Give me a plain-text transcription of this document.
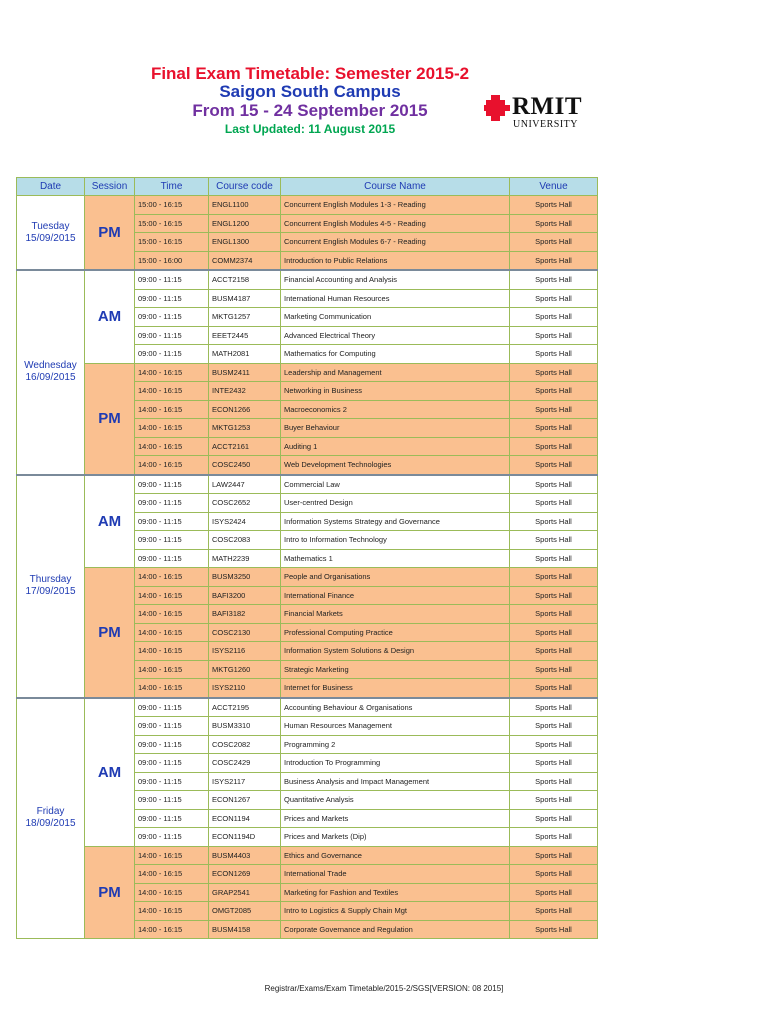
Final Exam Timetable: Semester 2015-2
Saigon South Campus
From 15 - 24 September 2015
Last Updated: 11 August 2015
RMIT
UNIVERSITY
Date	Session	Time	Course code	Course Name	Venue

Tuesday
15/09/2015	PM	15:00 - 16:15	ENGL1100	Concurrent English Modules 1-3 - Reading	Sports Hall
		15:00 - 16:15	ENGL1200	Concurrent English Modules 4-5 - Reading	Sports Hall
		15:00 - 16:15	ENGL1300	Concurrent English Modules 6-7 - Reading	Sports Hall
		15:00 - 16:00	COMM2374	Introduction to Public Relations	Sports Hall

Wednesday
16/09/2015	AM	09:00 - 11:15	ACCT2158	Financial Accounting and Analysis	Sports Hall
		09:00 - 11:15	BUSM4187	International Human Resources	Sports Hall
		09:00 - 11:15	MKTG1257	Marketing Communication	Sports Hall
		09:00 - 11:15	EEET2445	Advanced Electrical Theory	Sports Hall
		09:00 - 11:15	MATH2081	Mathematics for Computing	Sports Hall
	PM	14:00 - 16:15	BUSM2411	Leadership and Management	Sports Hall
		14:00 - 16:15	INTE2432	Networking in Business	Sports Hall
		14:00 - 16:15	ECON1266	Macroeconomics 2	Sports Hall
		14:00 - 16:15	MKTG1253	Buyer Behaviour	Sports Hall
		14:00 - 16:15	ACCT2161	Auditing 1	Sports Hall
		14:00 - 16:15	COSC2450	Web Development Technologies	Sports Hall

Thursday
17/09/2015	AM	09:00 - 11:15	LAW2447	Commercial Law	Sports Hall
		09:00 - 11:15	COSC2652	User-centred Design	Sports Hall
		09:00 - 11:15	ISYS2424	Information Systems Strategy and Governance	Sports Hall
		09:00 - 11:15	COSC2083	Intro to Information Technology	Sports Hall
		09:00 - 11:15	MATH2239	Mathematics 1	Sports Hall
	PM	14:00 - 16:15	BUSM3250	People and Organisations	Sports Hall
		14:00 - 16:15	BAFI3200	International Finance	Sports Hall
		14:00 - 16:15	BAFI3182	Financial Markets	Sports Hall
		14:00 - 16:15	COSC2130	Professional Computing Practice	Sports Hall
		14:00 - 16:15	ISYS2116	Information System Solutions & Design	Sports Hall
		14:00 - 16:15	MKTG1260	Strategic Marketing	Sports Hall
		14:00 - 16:15	ISYS2110	Internet for Business	Sports Hall

Friday
18/09/2015	AM	09:00 - 11:15	ACCT2195	Accounting Behaviour & Organisations	Sports Hall
		09:00 - 11:15	BUSM3310	Human Resources Management	Sports Hall
		09:00 - 11:15	COSC2082	Programming 2	Sports Hall
		09:00 - 11:15	COSC2429	Introduction To Programming	Sports Hall
		09:00 - 11:15	ISYS2117	Business Analysis and Impact Management	Sports Hall
		09:00 - 11:15	ECON1267	Quantitative Analysis	Sports Hall
		09:00 - 11:15	ECON1194	Prices and Markets	Sports Hall
		09:00 - 11:15	ECON1194D	Prices and Markets (Dip)	Sports Hall
	PM	14:00 - 16:15	BUSM4403	Ethics and Governance	Sports Hall
		14:00 - 16:15	ECON1269	International Trade	Sports Hall
		14:00 - 16:15	GRAP2541	Marketing for Fashion and Textiles	Sports Hall
		14:00 - 16:15	OMGT2085	Intro to Logistics & Supply Chain Mgt	Sports Hall
		14:00 - 16:15	BUSM4158	Corporate Governance and Regulation	Sports Hall
Registrar/Exams/Exam Timetable/2015-2/SGS[VERSION: 08 2015]
